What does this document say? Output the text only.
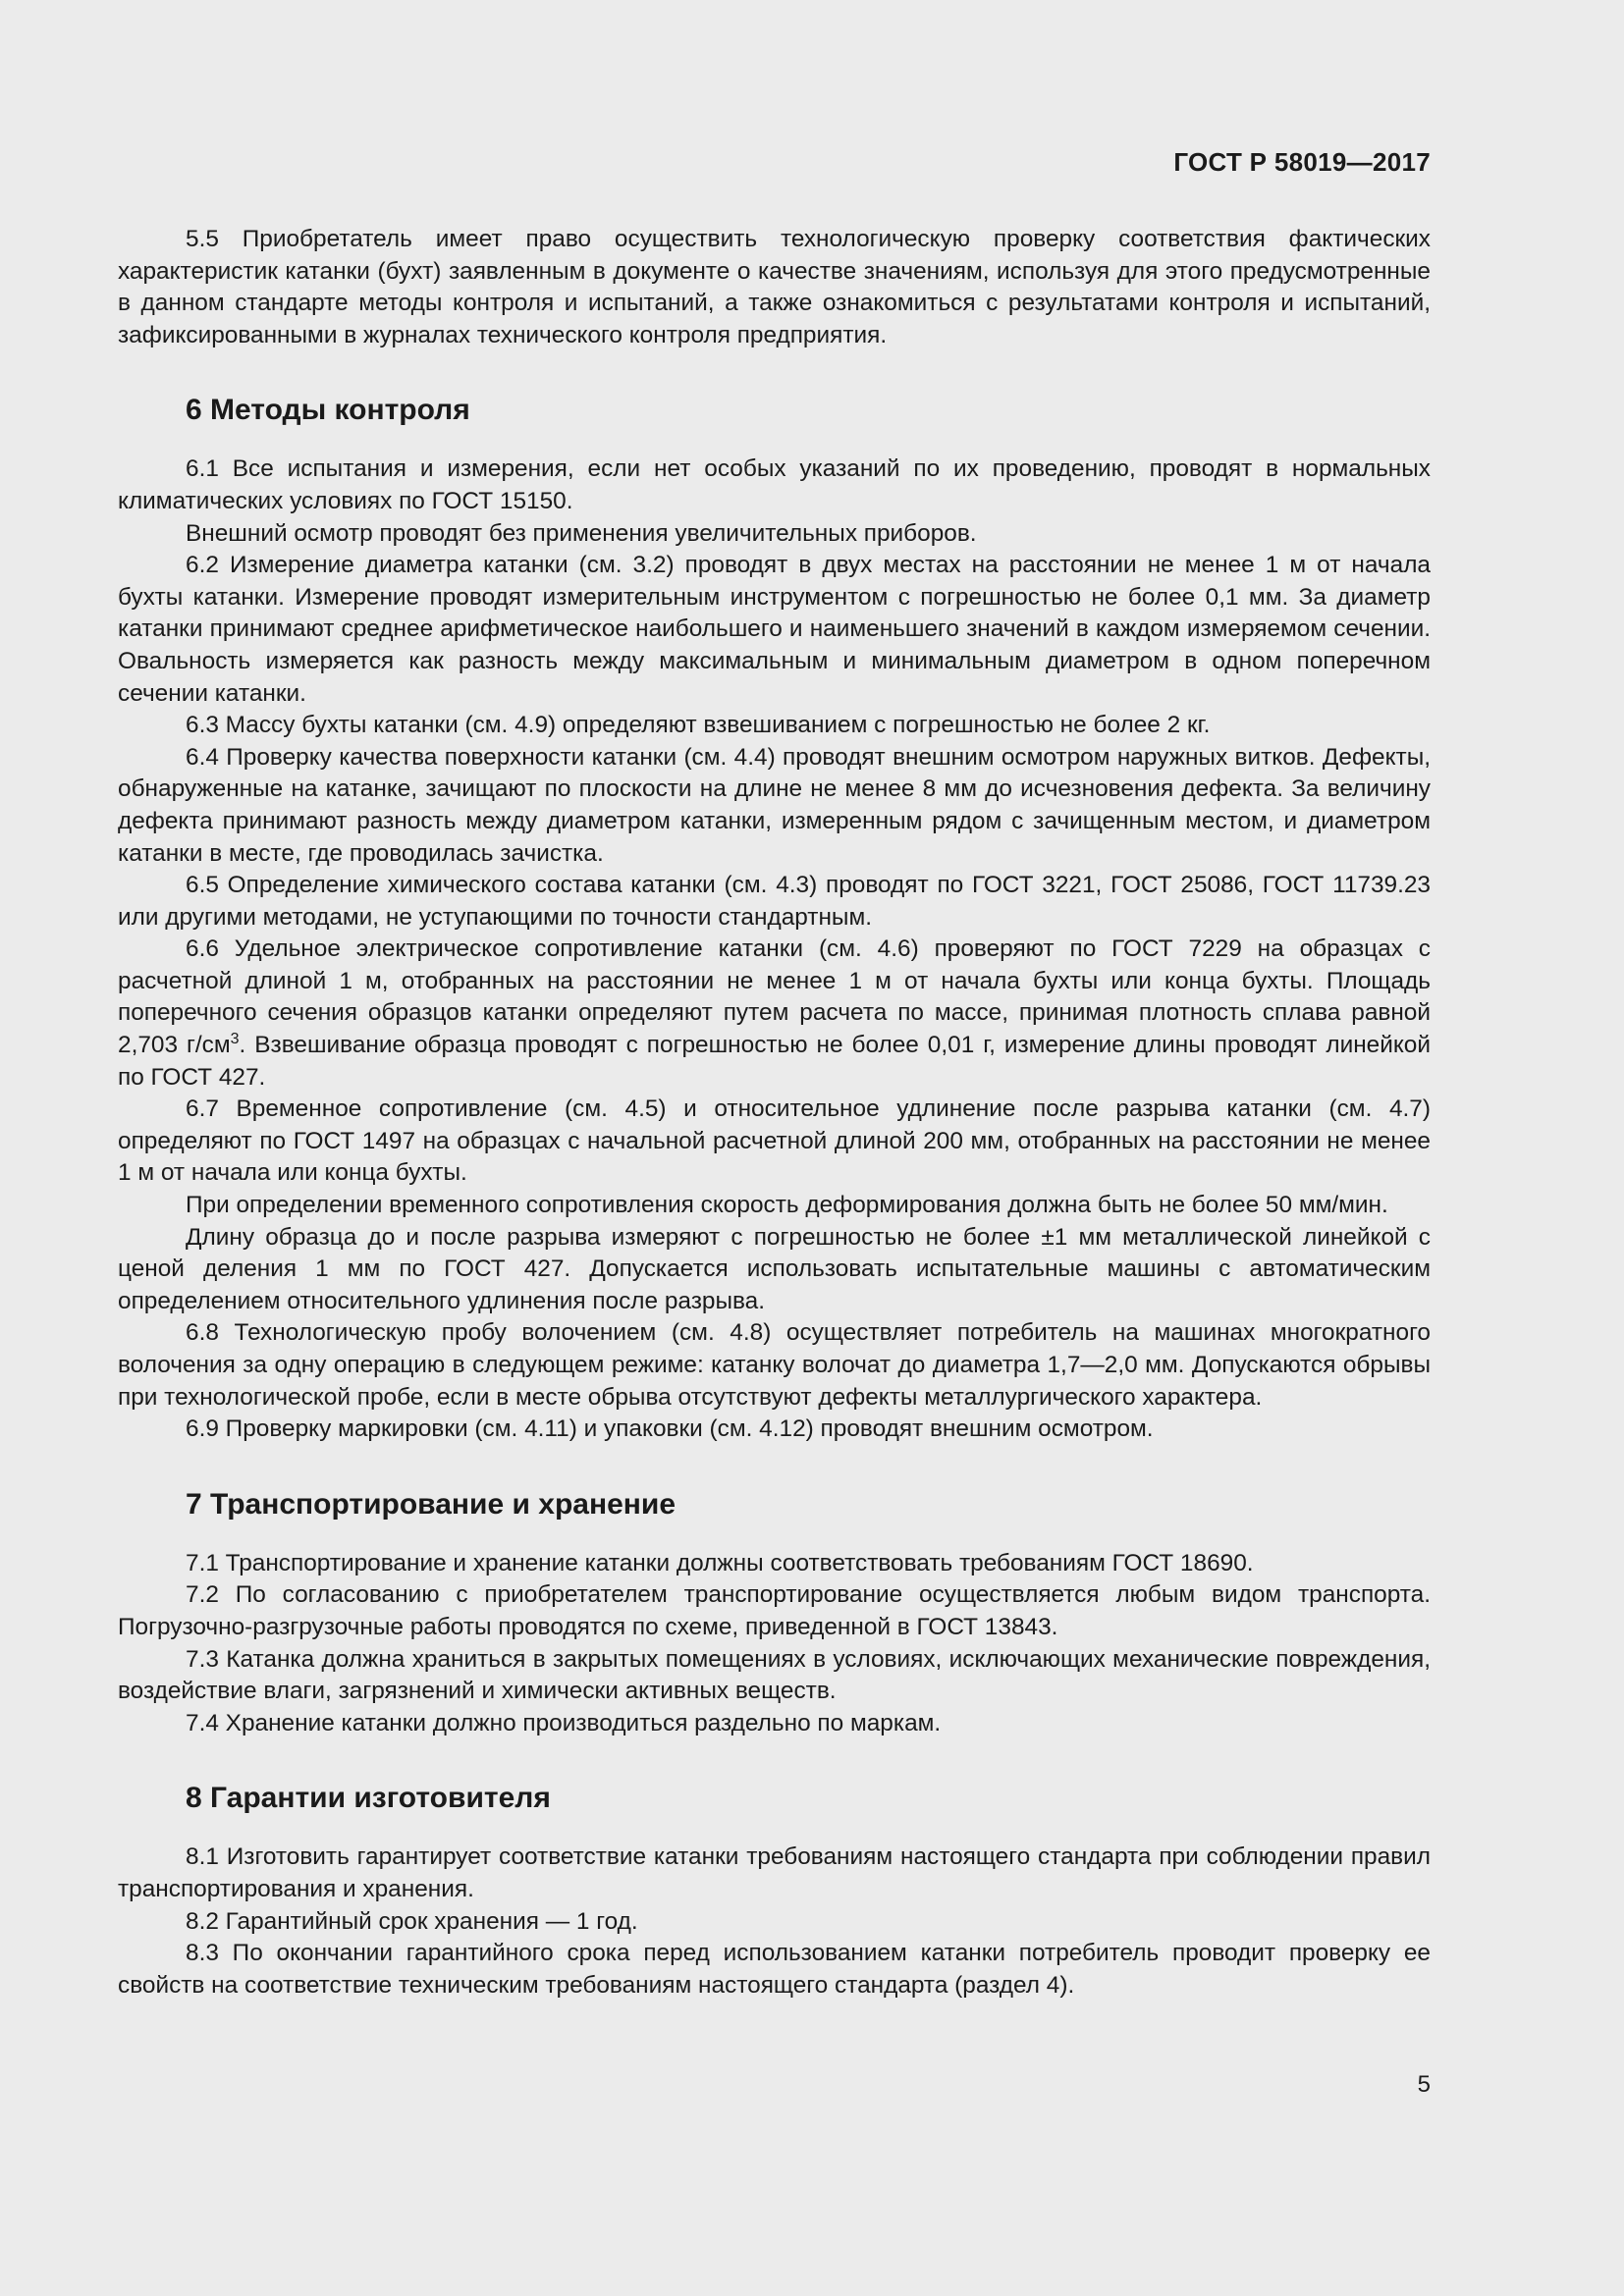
ГОСТ Р 58019—2017

5.5 Приобретатель имеет право осуществить технологическую проверку соответствия фактических характеристик катанки (бухт) заявленным в документе о качестве значениям, используя для этого предусмотренные в данном стандарте методы контроля и испытаний, а также ознакомиться с результатами контроля и испытаний, зафиксированными в журналах технического контроля предприятия.

6 Методы контроля

6.1 Все испытания и измерения, если нет особых указаний по их проведению, проводят в нормальных климатических условиях по ГОСТ 15150.

Внешний осмотр проводят без применения увеличительных приборов.

6.2 Измерение диаметра катанки (см. 3.2) проводят в двух местах на расстоянии не менее 1 м от начала бухты катанки. Измерение проводят измерительным инструментом с погрешностью не более 0,1 мм. За диаметр катанки принимают среднее арифметическое наибольшего и наименьшего значений в каждом измеряемом сечении. Овальность измеряется как разность между максимальным и минимальным диаметром в одном поперечном сечении катанки.

6.3 Массу бухты катанки (см. 4.9) определяют взвешиванием с погрешностью не более 2 кг.

6.4 Проверку качества поверхности катанки (см. 4.4) проводят внешним осмотром наружных витков. Дефекты, обнаруженные на катанке, зачищают по плоскости на длине не менее 8 мм до исчезновения дефекта. За величину дефекта принимают разность между диаметром катанки, измеренным рядом с зачищенным местом, и диаметром катанки в месте, где проводилась зачистка.

6.5 Определение химического состава катанки (см. 4.3) проводят по ГОСТ 3221, ГОСТ 25086, ГОСТ 11739.23 или другими методами, не уступающими по точности стандартным.

6.6 Удельное электрическое сопротивление катанки (см. 4.6) проверяют по ГОСТ 7229 на образцах с расчетной длиной 1 м, отобранных на расстоянии не менее 1 м от начала бухты или конца бухты. Площадь поперечного сечения образцов катанки определяют путем расчета по массе, принимая плотность сплава равной 2,703 $г/см^3$. Взвешивание образца проводят с погрешностью не более 0,01 г, измерение длины проводят линейкой по ГОСТ 427.

6.7 Временное сопротивление (см. 4.5) и относительное удлинение после разрыва катанки (см. 4.7) определяют по ГОСТ 1497 на образцах с начальной расчетной длиной 200 мм, отобранных на расстоянии не менее 1 м от начала или конца бухты.

При определении временного сопротивления скорость деформирования должна быть не более 50 мм/мин.

Длину образца до и после разрыва измеряют с погрешностью не более ±1 мм металлической линейкой с ценой деления 1 мм по ГОСТ 427. Допускается использовать испытательные машины с автоматическим определением относительного удлинения после разрыва.

6.8 Технологическую пробу волочением (см. 4.8) осуществляет потребитель на машинах многократного волочения за одну операцию в следующем режиме: катанку волочат до диаметра 1,7—2,0 мм. Допускаются обрывы при технологической пробе, если в месте обрыва отсутствуют дефекты металлургического характера.

6.9 Проверку маркировки (см. 4.11) и упаковки (см. 4.12) проводят внешним осмотром.

7 Транспортирование и хранение

7.1 Транспортирование и хранение катанки должны соответствовать требованиям ГОСТ 18690.

7.2 По согласованию с приобретателем транспортирование осуществляется любым видом транспорта. Погрузочно-разгрузочные работы проводятся по схеме, приведенной в ГОСТ 13843.

7.3 Катанка должна храниться в закрытых помещениях в условиях, исключающих механические повреждения, воздействие влаги, загрязнений и химически активных веществ.

7.4 Хранение катанки должно производиться раздельно по маркам.

8 Гарантии изготовителя

8.1 Изготовить гарантирует соответствие катанки требованиям настоящего стандарта при соблюдении правил транспортирования и хранения.

8.2 Гарантийный срок хранения — 1 год.

8.3 По окончании гарантийного срока перед использованием катанки потребитель проводит проверку ее свойств на соответствие техническим требованиям настоящего стандарта (раздел 4).

5
